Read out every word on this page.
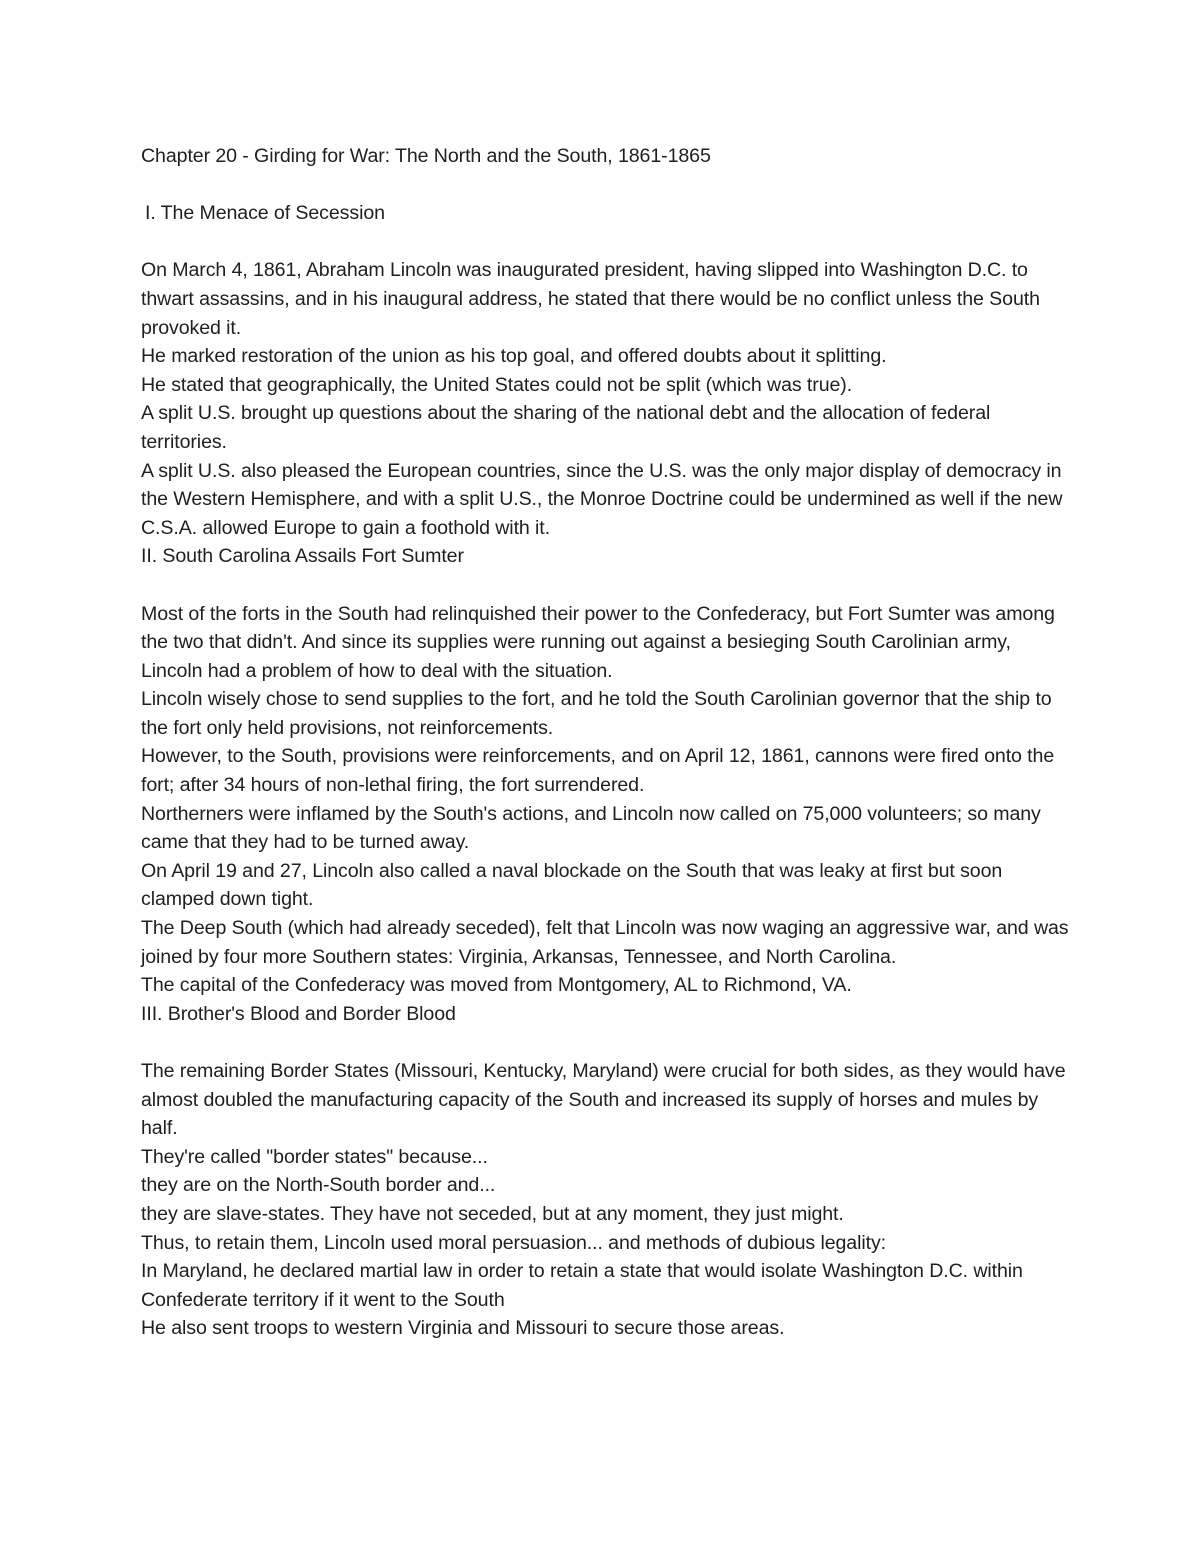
Chapter 20 - Girding for War: The North and the South, 1861-1865

I. The Menace of Secession

On March 4, 1861, Abraham Lincoln was inaugurated president, having slipped into Washington D.C. to thwart assassins, and in his inaugural address, he stated that there would be no conflict unless the South provoked it.

He marked restoration of the union as his top goal, and offered doubts about it splitting.

He stated that geographically, the United States could not be split (which was true).

A split U.S. brought up questions about the sharing of the national debt and the allocation of federal territories.

A split U.S. also pleased the European countries, since the U.S. was the only major display of democracy in the Western Hemisphere, and with a split U.S., the Monroe Doctrine could be undermined as well if the new C.S.A. allowed Europe to gain a foothold with it.

II. South Carolina Assails Fort Sumter

Most of the forts in the South had relinquished their power to the Confederacy, but Fort Sumter was among the two that didn't. And since its supplies were running out against a besieging South Carolinian army, Lincoln had a problem of how to deal with the situation.

Lincoln wisely chose to send supplies to the fort, and he told the South Carolinian governor that the ship to the fort only held provisions, not reinforcements.

However, to the South, provisions were reinforcements, and on April 12, 1861, cannons were fired onto the fort; after 34 hours of non-lethal firing, the fort surrendered.

Northerners were inflamed by the South's actions, and Lincoln now called on 75,000 volunteers; so many came that they had to be turned away.

On April 19 and 27, Lincoln also called a naval blockade on the South that was leaky at first but soon clamped down tight.

The Deep South (which had already seceded), felt that Lincoln was now waging an aggressive war, and was joined by four more Southern states: Virginia, Arkansas, Tennessee, and North Carolina.

The capital of the Confederacy was moved from Montgomery, AL to Richmond, VA.

III. Brother's Blood and Border Blood

The remaining Border States (Missouri, Kentucky, Maryland) were crucial for both sides, as they would have almost doubled the manufacturing capacity of the South and increased its supply of horses and mules by half.

They're called "border states" because...

they are on the North-South border and...

they are slave-states. They have not seceded, but at any moment, they just might.

Thus, to retain them, Lincoln used moral persuasion... and methods of dubious legality:

In Maryland, he declared martial law in order to retain a state that would isolate Washington D.C. within Confederate territory if it went to the South

He also sent troops to western Virginia and Missouri to secure those areas.
